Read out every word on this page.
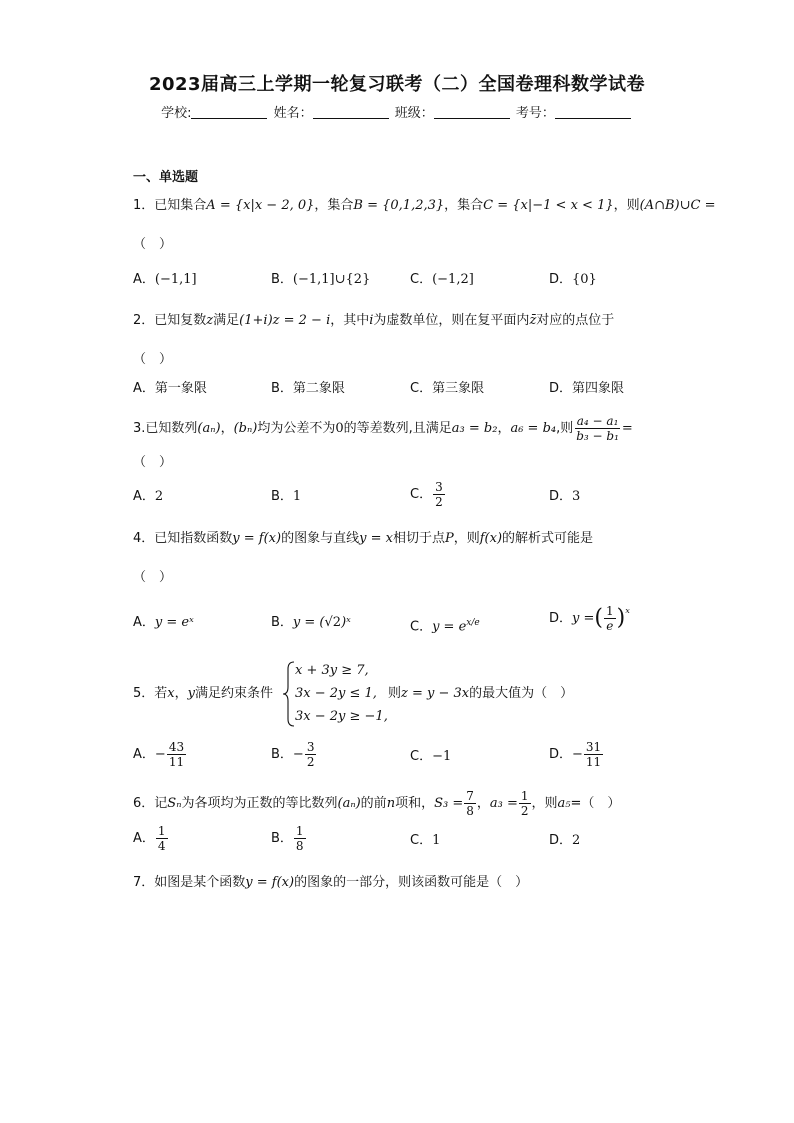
2023届高三上学期一轮复习联考（二）全国卷理科数学试卷
学校:	姓名：	班级：	考号：
一、单选题
1．已知集合A = {x|x − 2, 0}，集合B = {0,1,2,3}，集合C = {x|−1 < x < 1}，则(A∩B)∪C =
（　）
A．(−1,1]	B．(−1,1]∪{2}	C．(−1,2]	D．{0}
2．已知复数z满足(1+i)z = 2 − i，其中i为虚数单位，则在复平面内z̄对应的点位于
（　）
A．第一象限	B．第二象限	C．第三象限	D．第四象限
3.已知数列(aₙ)，(bₙ)均为公差不为0的等差数列,且满足a₃ = b₂，a₆ = b₄,则 $\frac{\text{a₄ − a₁}}{\text{b₃ − b₁}}$ =
（　）
A．2	B．1	C． $\frac{3}{2}$	D．3
4．已知指数函数y = f(x)的图象与直线y = x相切于点P，则f(x)的解析式可能是
（　）
A．y = eˣ	B．y = (√2)ˣ	C．$y = e^{x/e}$	D．y =( $\frac{1}{e}$ )ˣ
5．若x，y满足约束条件
x + 3y ≥ 7,
3x − 2y ≤ 1,
3x − 2y ≥ −1,
则z = y − 3x的最大值为（　）
A．− $\frac{43}{11}$	B．− $\frac{3}{2}$	C．−1	D．− $\frac{31}{11}$
6．记Sₙ为各项均为正数的等比数列(aₙ)的前n项和，$S_3 = \frac{7}{8}$ ，$a_3 = \frac{1}{2}$ ，则a₅=（　）
A． $\frac{1}{4}$	B． $\frac{1}{8}$	C．1	D．2
7．如图是某个函数y = f(x)的图象的一部分，则该函数可能是（　）
